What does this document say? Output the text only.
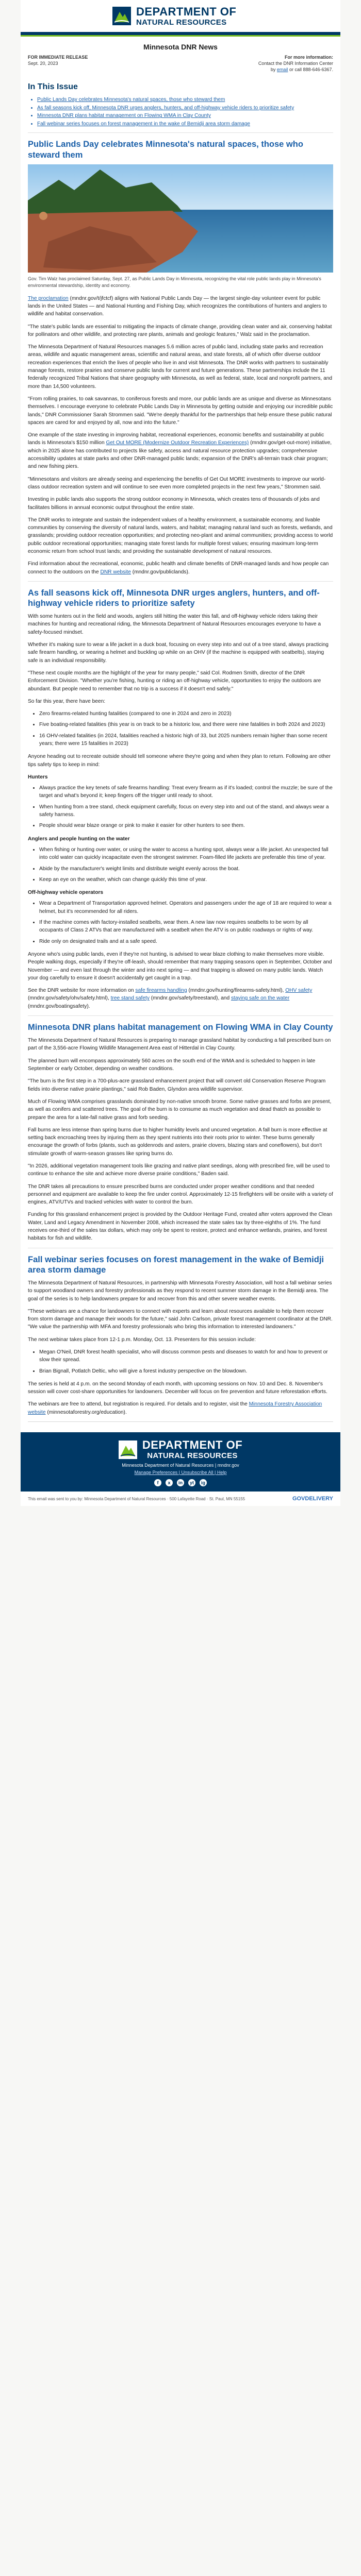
DEPARTMENT OF
NATURAL RESOURCES
Minnesota DNR News
FOR IMMEDIATE RELEASE
Sept. 20, 2023
For more information:
Contact the DNR Information Center
by email or call 888-646-6367.
In This Issue
• Public Lands Day celebrates Minnesota's natural spaces, those who steward them
• As fall seasons kick off, Minnesota DNR urges anglers, hunters, and off-highway vehicle riders to prioritize safety
• Minnesota DNR plans habitat management on Flowing WMA in Clay County
• Fall webinar series focuses on forest management in the wake of Bemidji area storm damage
Public Lands Day celebrates Minnesota's natural spaces, those who steward them
Gov. Tim Walz has proclaimed Saturday, Sept. 27, as Public Lands Day in Minnesota, recognizing the vital role public lands play in Minnesota's environmental stewardship, identity and economy.

The proclamation (mndnr.gov/t/jfctcf) aligns with National Public Lands Day — the largest single-day volunteer event for public lands in the United States — and National Hunting and Fishing Day, which recognizes the contributions of hunters and anglers to wildlife and habitat conservation.

"The state's public lands are essential to mitigating the impacts of climate change, providing clean water and air, conserving habitat for pollinators and other wildlife, and protecting rare plants, animals and geologic features," Walz said in the proclamation.

The Minnesota Department of Natural Resources manages 5.6 million acres of public land, including state parks and recreation areas, wildlife and aquatic management areas, scientific and natural areas, and state forests, all of which offer diverse outdoor recreation experiences that enrich the lives of people who live in and visit Minnesota. The DNR works with partners to sustainably manage forests, restore prairies and conserve public lands for current and future generations. These partnerships include the 11 federally recognized Tribal Nations that share geography with Minnesota, as well as federal, state, local and nonprofit partners, and more than 14,500 volunteers.

"From rolling prairies, to oak savannas, to coniferous forests and more, our public lands are as unique and diverse as Minnesotans themselves. I encourage everyone to celebrate Public Lands Day in Minnesota by getting outside and enjoying our incredible public lands," DNR Commissioner Sarah Strommen said. "We're deeply thankful for the partnerships that help ensure these public natural spaces are cared for and enjoyed by all, now and into the future."

One example of the state investing in improving habitat, recreational experiences, economic benefits and sustainability at public lands is Minnesota's $150 million Get Out MORE (Modernize Outdoor Recreation Experiences) (mndnr.gov/get-out-more) initiative, which in 2025 alone has contributed to projects like safety, access and natural resource protection upgrades; comprehensive accessibility updates at state parks and other DNR-managed public lands; expansion of the DNR's all-terrain track chair program; and new fishing piers.

"Minnesotans and visitors are already seeing and experiencing the benefits of Get Out MORE investments to improve our world-class outdoor recreation system and will continue to see even more completed projects in the next few years," Strommen said.

Investing in public lands also supports the strong outdoor economy in Minnesota, which creates tens of thousands of jobs and facilitates billions in annual economic output throughout the entire state.

The DNR works to integrate and sustain the independent values of a healthy environment, a sustainable economy, and livable communities by conserving the diversity of natural lands, waters, and habitat; managing natural land such as forests, wetlands, and grasslands; providing outdoor recreation opportunities; and protecting neo-plant and animal communities; providing access to world public outdoor recreational opportunities; managing state forest lands for multiple forest values; ensuring maximum long-term economic return from school trust lands; and providing the sustainable development of natural resources.

Find information about the recreational, economic, public health and climate benefits of DNR-managed lands and how people can connect to the outdoors on the DNR website (mndnr.gov/publiclands).

As fall seasons kick off, Minnesota DNR urges anglers, hunters, and off-highway vehicle riders to prioritize safety

With some hunters out in the field and woods, anglers still hitting the water this fall, and off-highway vehicle riders taking their machines for hunting and recreational riding, the Minnesota Department of Natural Resources encourages everyone to have a safety-focused mindset.

Whether it's making sure to wear a life jacket in a duck boat, focusing on every step into and out of a tree stand, always practicing safe firearm handling, or wearing a helmet and buckling up while on an OHV (if the machine is equipped with seatbelts), staying safe is an individual responsibility.

"These next couple months are the highlight of the year for many people," said Col. Rodmen Smith, director of the DNR Enforcement Division. "Whether you're fishing, hunting or riding an off-highway vehicle, opportunities to enjoy the outdoors are abundant. But people need to remember that no trip is a success if it doesn't end safely."

So far this year, there have been:

• Zero firearms-related hunting fatalities (compared to one in 2024 and zero in 2023)
• Five boating-related fatalities (this year is on track to be a historic low, and there were nine fatalities in both 2024 and 2023)
• 16 OHV-related fatalities (in 2024, fatalities reached a historic high of 33, but 2025 numbers remain higher than some recent years; there were 15 fatalities in 2023)

Anyone heading out to recreate outside should tell someone where they're going and when they plan to return. Following are other tips safety tips to keep in mind:

Hunters
• Always practice the key tenets of safe firearms handling: Treat every firearm as if it's loaded; control the muzzle; be sure of the target and what's beyond it; keep fingers off the trigger until ready to shoot.
• When hunting from a tree stand, check equipment carefully, focus on every step into and out of the stand, and always wear a safety harness.
• People should wear blaze orange or pink to make it easier for other hunters to see them.
Anglers and people hunting on the water
• When fishing or hunting over water, or using the water to access a hunting spot, always wear a life jacket. An unexpected fall into cold water can quickly incapacitate even the strongest swimmer. Foam-filled life jackets are preferable this time of year.
• Abide by the manufacturer's weight limits and distribute weight evenly across the boat.
• Keep an eye on the weather, which can change quickly this time of year.
Off-highway vehicle operators
• Wear a Department of Transportation approved helmet. Operators and passengers under the age of 18 are required to wear a helmet, but it's recommended for all riders.
• If the machine comes with factory-installed seatbelts, wear them. A new law now requires seatbelts to be worn by all occupants of Class 2 ATVs that are manufactured with a seatbelt when the ATV is on public roadways or rights of way.
• Ride only on designated trails and at a safe speed.

Anyone who's using public lands, even if they're not hunting, is advised to wear blaze clothing to make themselves more visible. People walking dogs, especially if they're off-leash, should remember that many trapping seasons open in September, October and November — and even last through the winter and into next spring — and that trapping is allowed on many public lands. Watch your dog carefully to ensure it doesn't accidentally get caught in a trap.

See the DNR website for more information on safe firearms handling (mndnr.gov/hunting/firearms-safety.html), OHV safety (mndnr.gov/safety/ohv/safety.html), tree stand safety (mndnr.gov/safety/treestand), and staying safe on the water (mndnr.gov/boatingsafety).

Minnesota DNR plans habitat management on Flowing WMA in Clay County

The Minnesota Department of Natural Resources is preparing to manage grassland habitat by conducting a fall prescribed burn on part of the 3,556-acre Flowing Wildlife Management Area east of Hitterdal in Clay County.

The planned burn will encompass approximately 560 acres on the south end of the WMA and is scheduled to happen in late September or early October, depending on weather conditions.

"The burn is the first step in a 700-plus-acre grassland enhancement project that will convert old Conservation Reserve Program fields into diverse native prairie plantings," said Rob Baden, Glyndon area wildlife supervisor.

Much of Flowing WMA comprises grasslands dominated by non-native smooth brome. Some native grasses and forbs are present, as well as conifers and scattered trees. The goal of the burn is to consume as much vegetation and dead thatch as possible to prepare the area for a late-fall native grass and forb seeding.

Fall burns are less intense than spring burns due to higher humidity levels and uncured vegetation. A fall burn is more effective at setting back encroaching trees by injuring them as they spent nutrients into their roots prior to winter. These burns generally encourage the growth of forbs (plants, such as goldenrods and asters, prairie clovers, blazing stars and coneflowers), but don't stimulate growth of warm-season grasses like spring burns do.

"In 2026, additional vegetation management tools like grazing and native plant seedings, along with prescribed fire, will be used to continue to enhance the site and achieve more diverse prairie conditions," Baden said.

The DNR takes all precautions to ensure prescribed burns are conducted under proper weather conditions and that needed personnel and equipment are available to keep the fire under control. Approximately 12-15 firefighters will be onsite with a variety of engines, ATV/UTVs and tracked vehicles with water to control the burn.

Funding for this grassland enhancement project is provided by the Outdoor Heritage Fund, created after voters approved the Clean Water, Land and Legacy Amendment in November 2008, which increased the state sales tax by three-eighths of 1%. The fund receives one-third of the sales tax dollars, which may only be spent to restore, protect and enhance wetlands, prairies, and forest habitats for fish and wildlife.

Fall webinar series focuses on forest management in the wake of Bemidji area storm damage

The Minnesota Department of Natural Resources, in partnership with Minnesota Forestry Association, will host a fall webinar series to support woodland owners and forestry professionals as they respond to recent summer storm damage in the Bemidji area. The goal of the series is to help landowners prepare for and recover from this and other severe weather events.

"These webinars are a chance for landowners to connect with experts and learn about resources available to help them recover from storm damage and manage their woods for the future," said John Carlson, private forest management coordinator at the DNR. "We value the partnership with MFA and forestry professionals who bring this information to interested landowners."

The next webinar takes place from 12-1 p.m. Monday, Oct. 13. Presenters for this session include:

• Megan O'Neil, DNR forest health specialist, who will discuss common pests and diseases to watch for and how to prevent or slow their spread.
• Brian Bignall, Potlatch Deltic, who will give a forest industry perspective on the blowdown.

The series is held at 4 p.m. on the second Monday of each month, with upcoming sessions on Nov. 10 and Dec. 8. November's session will cover cost-share opportunities for landowners. December will focus on fire prevention and future reforestation efforts.

The webinars are free to attend, but registration is required. For details and to register, visit the Minnesota Forestry Association website (minnesotaforestry.org/education).

DEPARTMENT OF
NATURAL RESOURCES
Minnesota Department of Natural Resources | mndnr.gov
Manage Preferences | Unsubscribe All | Help
f	x	in	yt	ig
This email was sent to you by: Minnesota Department of Natural Resources · 500 Lafayette Road · St. Paul, MN 55155	GOVDELIVERY
